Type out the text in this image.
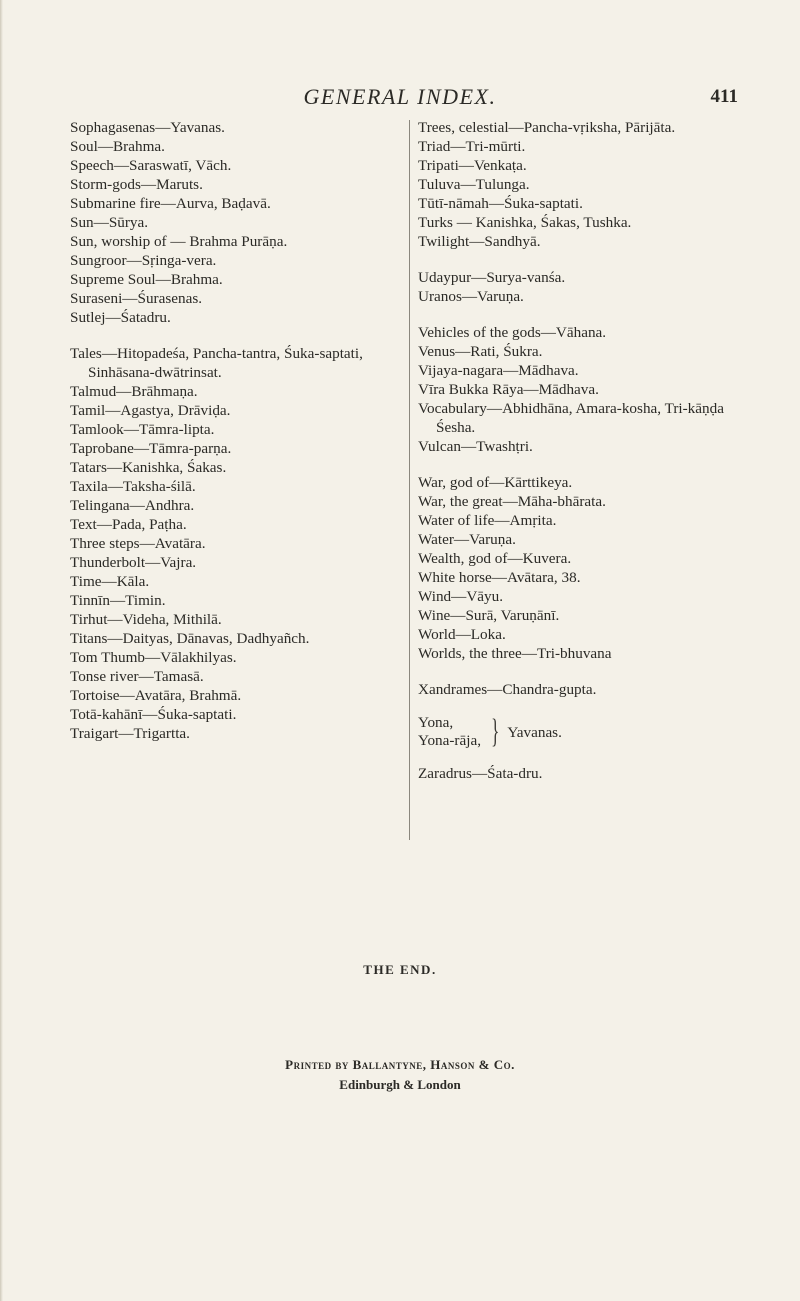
GENERAL INDEX.	411
Sophagasenas—Yavanas.
Soul—Brahma.
Speech—Saraswatī, Vāch.
Storm-gods—Maruts.
Submarine fire—Aurva, Baḍavā.
Sun—Sūrya.
Sun, worship of — Brahma Purāṇa.
Sungroor—Sṛinga-vera.
Supreme Soul—Brahma.
Suraseni—Śurasenas.
Sutlej—Śatadru.
Tales—Hitopadeśa, Pancha-tantra, Śuka-saptati, Sinhāsana-dwātrinsat.
Talmud—Brāhmaṇa.
Tamil—Agastya, Drāviḍa.
Tamlook—Tāmra-lipta.
Taprobane—Tāmra-parṇa.
Tatars—Kanishka, Śakas.
Taxila—Taksha-śilā.
Telingana—Andhra.
Text—Pada, Paṭha.
Three steps—Avatāra.
Thunderbolt—Vajra.
Time—Kāla.
Tinnīn—Timin.
Tirhut—Videha, Mithilā.
Titans—Daityas, Dānavas, Dadhyañch.
Tom Thumb—Vālakhilyas.
Tonse river—Tamasā.
Tortoise—Avatāra, Brahmā.
Totā-kahānī—Śuka-saptati.
Traigart—Trigartta.
Trees, celestial—Pancha-vṛiksha, Pārijāta.
Triad—Tri-mūrti.
Tripati—Venkaṭa.
Tuluva—Tulunga.
Tūtī-nāmah—Śuka-saptati.
Turks — Kanishka, Śakas, Tushka.
Twilight—Sandhyā.
Udaypur—Surya-vanśa.
Uranos—Varuṇa.
Vehicles of the gods—Vāhana.
Venus—Rati, Śukra.
Vijaya-nagara—Mādhava.
Vīra Bukka Rāya—Mādhava.
Vocabulary—Abhidhāna, Amara-kosha, Tri-kāṇḍa Śesha.
Vulcan—Twashṭri.
War, god of—Kārttikeya.
War, the great—Māha-bhārata.
Water of life—Amṛita.
Water—Varuṇa.
Wealth, god of—Kuvera.
White horse—Avātara, 38.
Wind—Vāyu.
Wine—Surā, Varuṇānī.
World—Loka.
Worlds, the three—Tri-bhuvana
Xandrames—Chandra-gupta.
Yona,
Yona-rāja, } Yavanas.
Zaradrus—Śata-dru.
THE END.
Printed by Ballantyne, Hanson & Co.
Edinburgh & London
